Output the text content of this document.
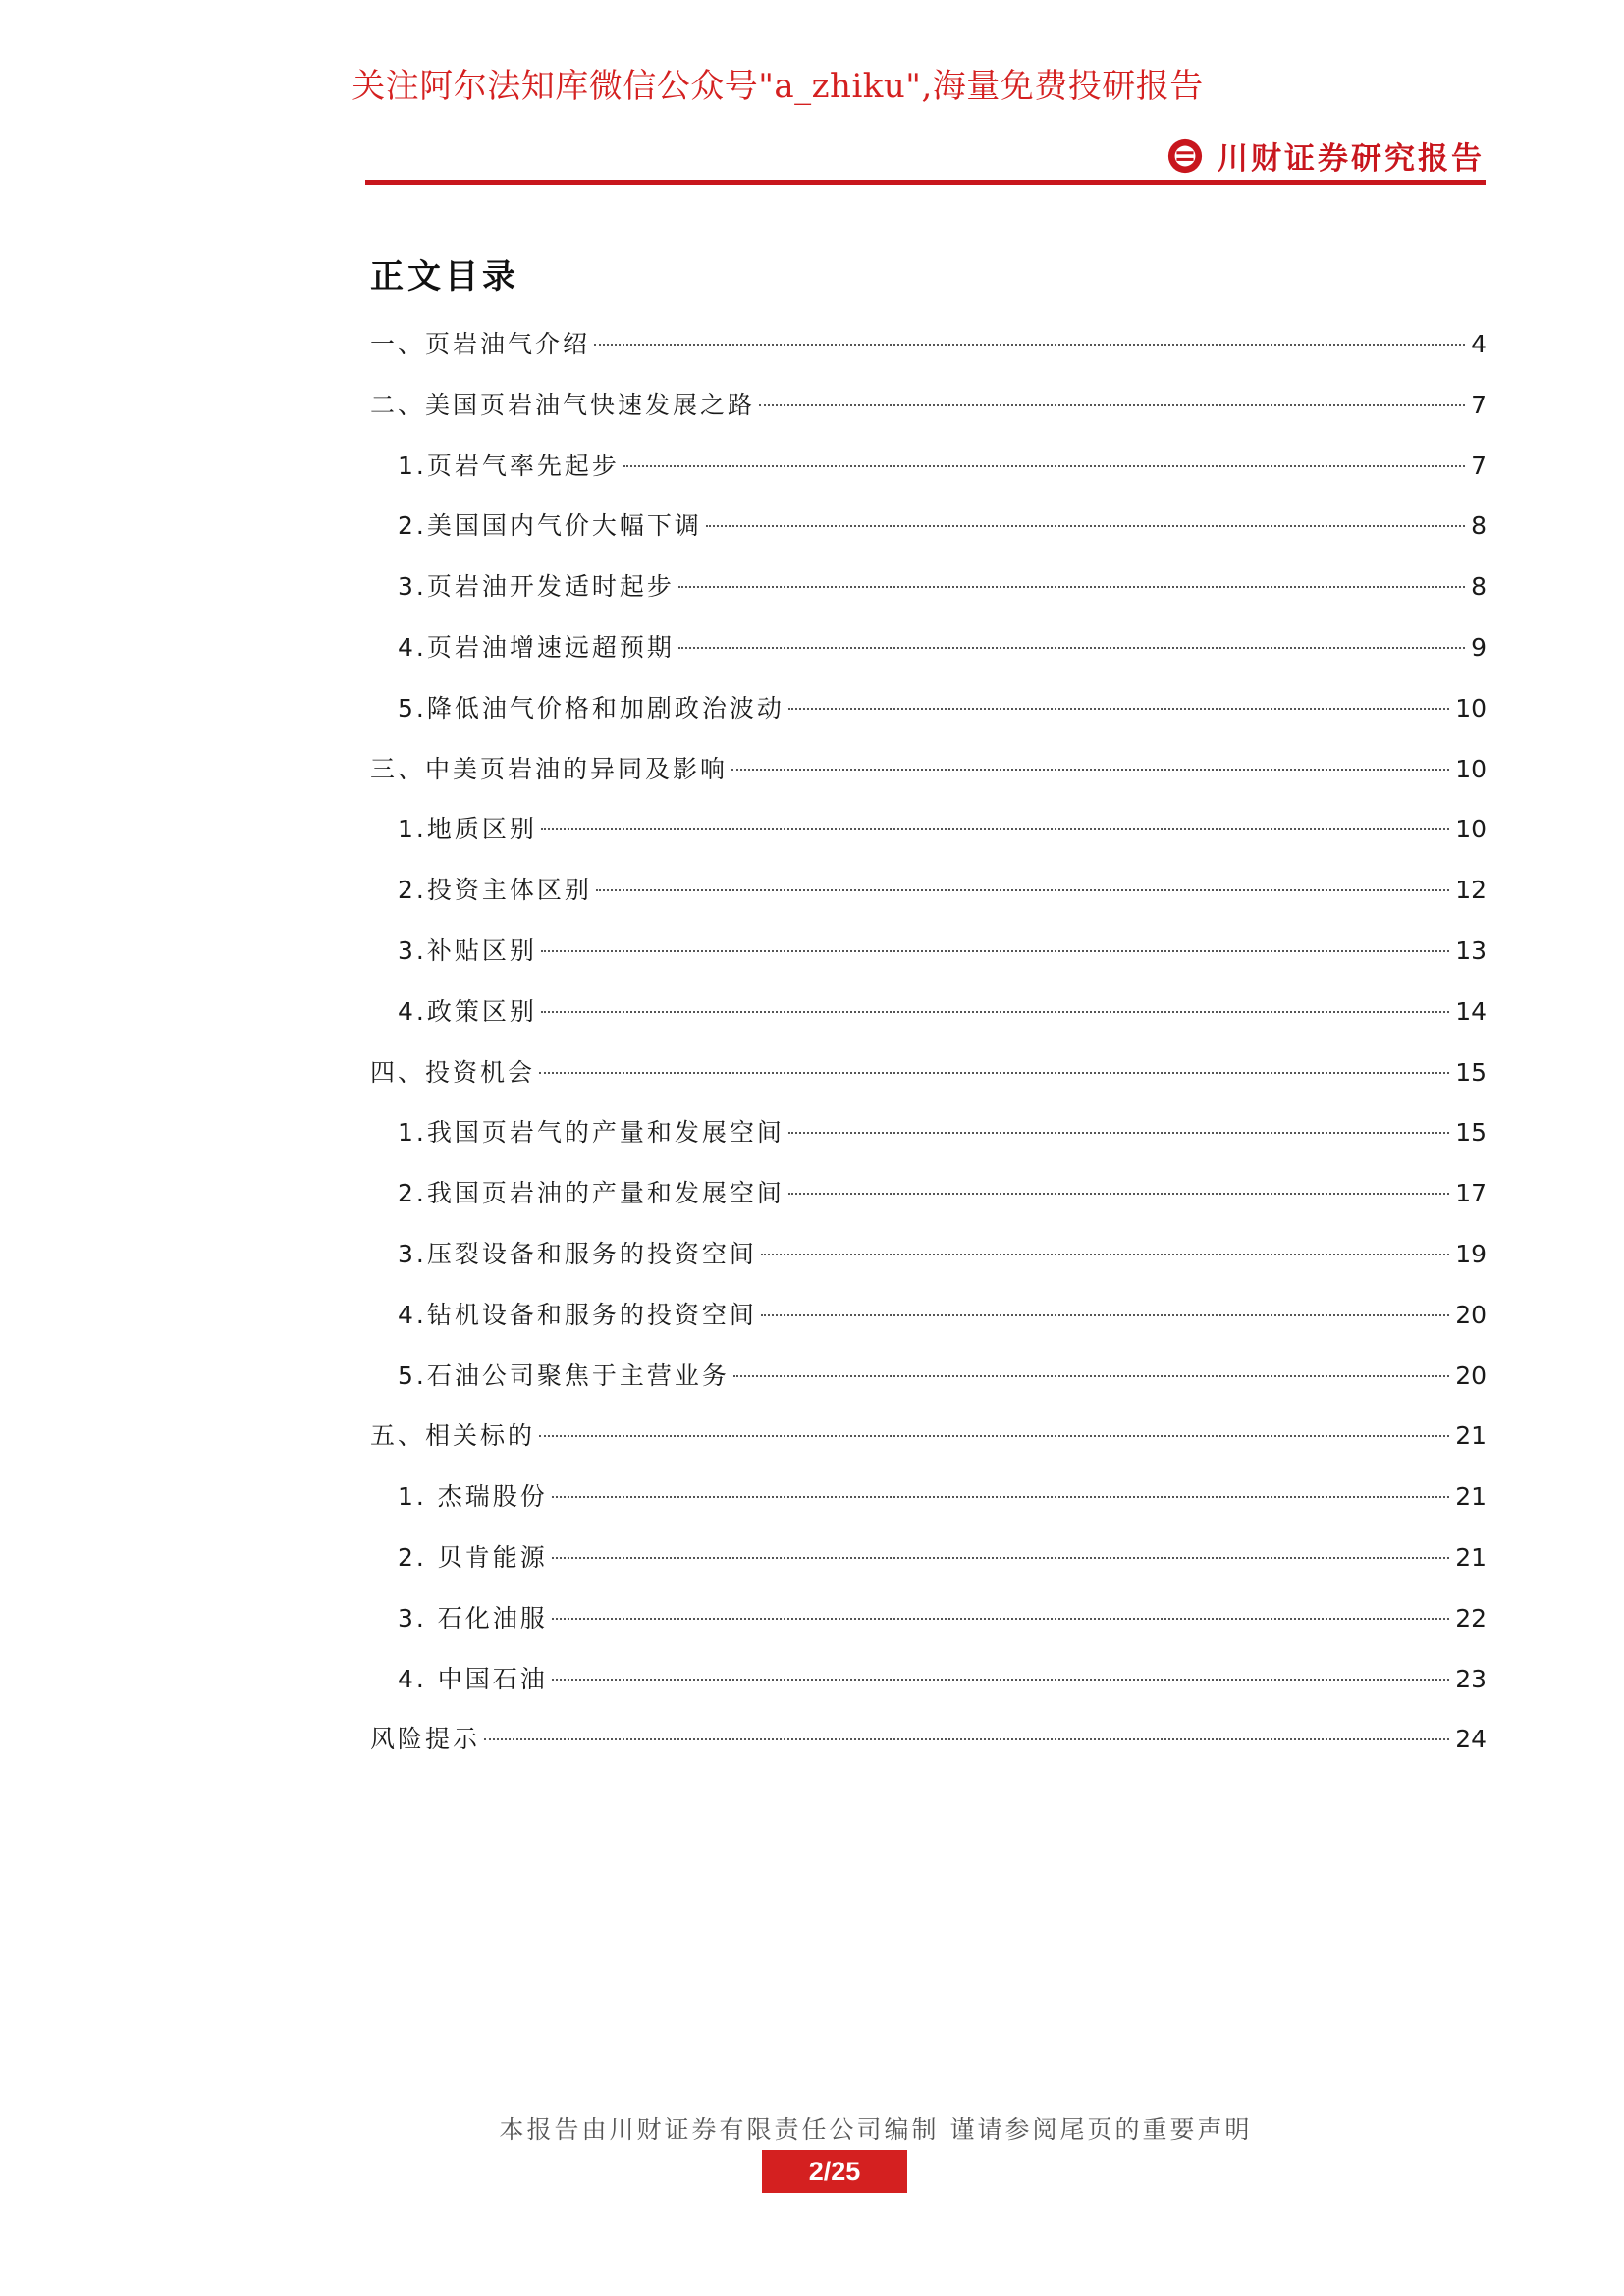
关注阿尔法知库微信公众号"a_zhiku",海量免费投研报告
川财证券研究报告
正文目录
一、页岩油气介绍	4
二、美国页岩油气快速发展之路	7
1.页岩气率先起步	7
2.美国国内气价大幅下调	8
3.页岩油开发适时起步	8
4.页岩油增速远超预期	9
5.降低油气价格和加剧政治波动	10
三、中美页岩油的异同及影响	10
1.地质区别	10
2.投资主体区别	12
3.补贴区别	13
4.政策区别	14
四、投资机会	15
1.我国页岩气的产量和发展空间	15
2.我国页岩油的产量和发展空间	17
3.压裂设备和服务的投资空间	19
4.钻机设备和服务的投资空间	20
5.石油公司聚焦于主营业务	20
五、相关标的	21
1. 杰瑞股份	21
2. 贝肯能源	21
3. 石化油服	22
4. 中国石油	23
风险提示	24
本报告由川财证券有限责任公司编制 谨请参阅尾页的重要声明
2/25
